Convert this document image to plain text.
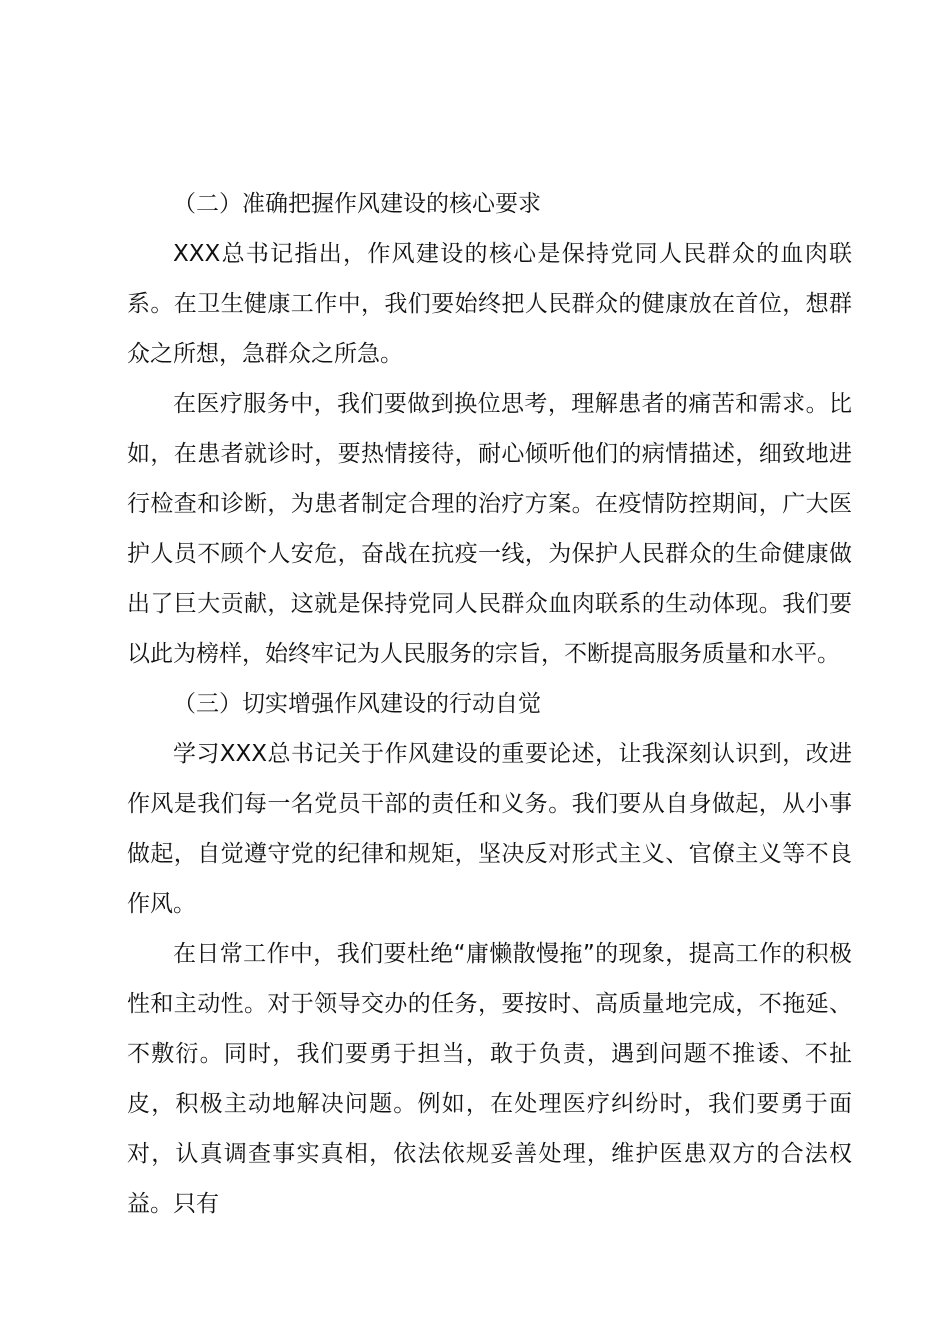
（二）准确把握作风建设的核心要求

XXX总书记指出，作风建设的核心是保持党同人民群众的血肉联系。在卫生健康工作中，我们要始终把人民群众的健康放在首位，想群众之所想，急群众之所急。

在医疗服务中，我们要做到换位思考，理解患者的痛苦和需求。比如，在患者就诊时，要热情接待，耐心倾听他们的病情描述，细致地进行检查和诊断，为患者制定合理的治疗方案。在疫情防控期间，广大医护人员不顾个人安危，奋战在抗疫一线，为保护人民群众的生命健康做出了巨大贡献，这就是保持党同人民群众血肉联系的生动体现。我们要以此为榜样，始终牢记为人民服务的宗旨，不断提高服务质量和水平。

（三）切实增强作风建设的行动自觉

学习XXX总书记关于作风建设的重要论述，让我深刻认识到，改进作风是我们每一名党员干部的责任和义务。我们要从自身做起，从小事做起，自觉遵守党的纪律和规矩，坚决反对形式主义、官僚主义等不良作风。

在日常工作中，我们要杜绝“庸懒散慢拖”的现象，提高工作的积极性和主动性。对于领导交办的任务，要按时、高质量地完成，不拖延、不敷衍。同时，我们要勇于担当，敢于负责，遇到问题不推诿、不扯皮，积极主动地解决问题。例如，在处理医疗纠纷时，我们要勇于面对，认真调查事实真相，依法依规妥善处理，维护医患双方的合法权益。只有
